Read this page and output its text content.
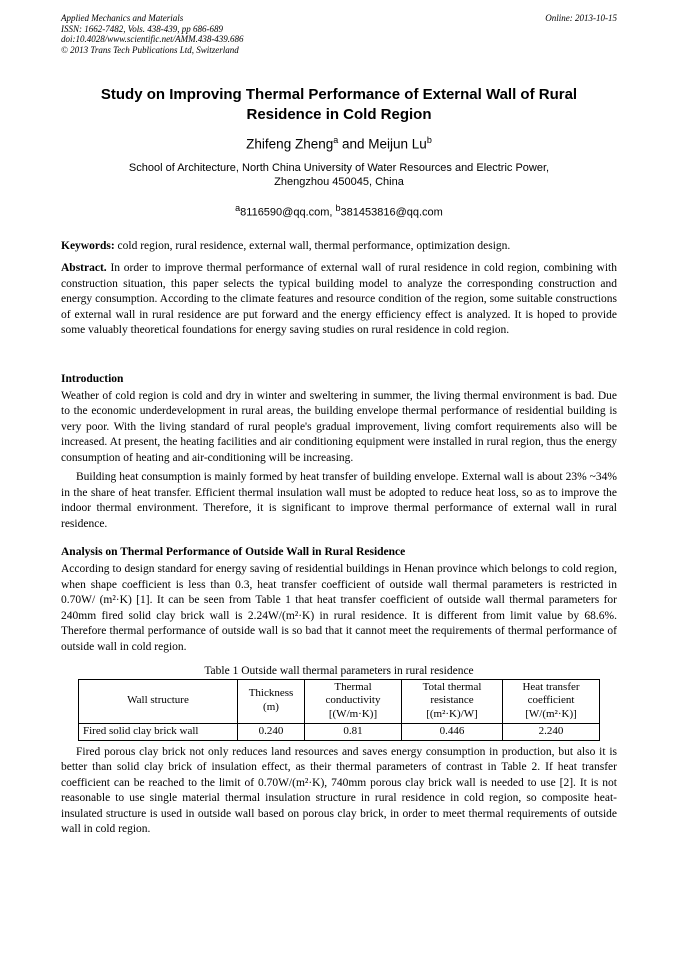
Applied Mechanics and Materials
ISSN: 1662-7482, Vols. 438-439, pp 686-689
doi:10.4028/www.scientific.net/AMM.438-439.686
© 2013 Trans Tech Publications Ltd, Switzerland
Online: 2013-10-15
Study on Improving Thermal Performance of External Wall of Rural Residence in Cold Region
Zhifeng Zheng$^a$ and Meijun Lu$^b$
School of Architecture, North China University of Water Resources and Electric Power,
Zhengzhou 450045, China
$^a$8116590@qq.com, $^b$381453816@qq.com
Keywords: cold region, rural residence, external wall, thermal performance, optimization design.
Abstract. In order to improve thermal performance of external wall of rural residence in cold region, combining with construction situation, this paper selects the typical building model to analyze the corresponding construction and energy consumption. According to the climate features and resource condition of the region, some suitable constructions of external wall in rural residence are put forward and the energy efficiency effect is analyzed. It is hoped to provide some valuably theoretical foundations for energy saving studies on rural residence in cold region.
Introduction

Weather of cold region is cold and dry in winter and sweltering in summer, the living thermal environment is bad. Due to the economic underdevelopment in rural areas, the building envelope thermal performance of residential building is very poor. With the living standard of rural people's gradual improvement, living comfort requirements also will be increased. At present, the heating facilities and air conditioning equipment were installed in rural region, thus the energy consumption of heating and air-conditioning will be increasing.

Building heat consumption is mainly formed by heat transfer of building envelope. External wall is about 23% ~34% in the share of heat transfer. Efficient thermal insulation wall must be adopted to reduce heat loss, so as to improve the indoor thermal environment. Therefore, it is significant to improve thermal performance of external wall in rural residence.

Analysis on Thermal Performance of Outside Wall in Rural Residence

According to design standard for energy saving of residential buildings in Henan province which belongs to cold region, when shape coefficient is less than 0.3, heat transfer coefficient of outside wall thermal parameters is restricted in 0.70W/ (m²·K) [1]. It can be seen from Table 1 that heat transfer coefficient of outside wall thermal parameters for 240mm fired solid clay brick wall is 2.24W/(m²·K) in rural residence. It is different from limit value by 68.6%. Therefore thermal performance of outside wall is so bad that it cannot meet the requirements of thermal performance of outside wall in cold region.

Table 1 Outside wall thermal parameters in rural residence
Wall structure	Thickness (m)	Thermal conductivity [(W/m·K)]	Total thermal resistance [(m²·K)/W]	Heat transfer coefficient [W/(m²·K)]
Fired solid clay brick wall	0.240	0.81	0.446	2.240

Fired porous clay brick not only reduces land resources and saves energy consumption in production, but also it is better than solid clay brick of insulation effect, as their thermal parameters of contrast in Table 2. If heat transfer coefficient can be reached to the limit of 0.70W/(m²·K), 740mm porous clay brick wall is needed to use [2]. It is not reasonable to use single material thermal insulation structure in rural residence in cold region, so composite heat-insulated structure is used in outside wall based on porous clay brick, in order to meet thermal requirements of outside wall in cold region.
